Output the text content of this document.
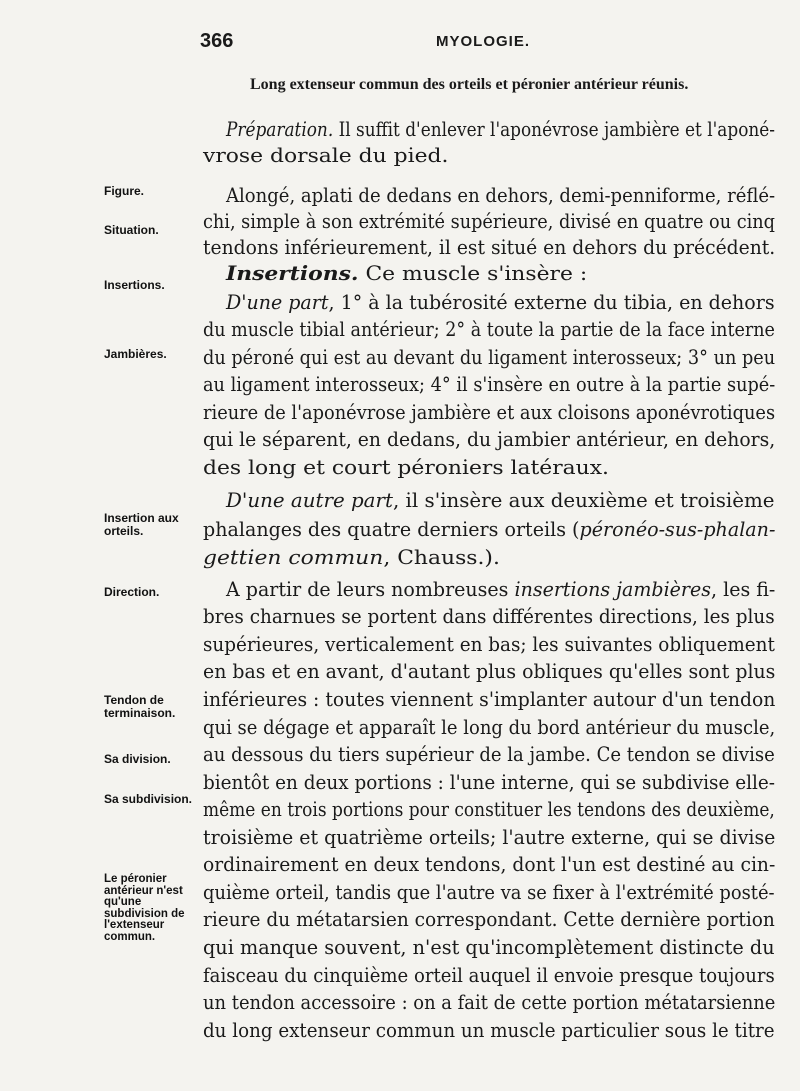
366	MYOLOGIE.
Long extenseur commun des orteils et péronier antérieur réunis.
Figure.
Situation.
Insertions.
Jambières.
Insertion aux orteils.
Direction.
Tendon de terminaison.
Sa division.
Sa subdivision.
Le péronier antérieur n'est qu'une subdivision de l'extenseur commun.
Préparation. Il suffit d'enlever l'aponévrose jambière et l'aponé-
vrose dorsale du pied.
Alongé, aplati de dedans en dehors, demi-penniforme, réflé-
chi, simple à son extrémité supérieure, divisé en quatre ou cinq
tendons inférieurement, il est situé en dehors du précédent.
Insertions. Ce muscle s'insère :
D'une part, 1° à la tubérosité externe du tibia, en dehors
du muscle tibial antérieur; 2° à toute la partie de la face interne
du péroné qui est au devant du ligament interosseux; 3° un peu
au ligament interosseux; 4° il s'insère en outre à la partie supé-
rieure de l'aponévrose jambière et aux cloisons aponévrotiques
qui le séparent, en dedans, du jambier antérieur, en dehors,
des long et court péroniers latéraux.
D'une autre part, il s'insère aux deuxième et troisième
phalanges des quatre derniers orteils (péronéo-sus-phalan-
gettien commun, Chauss.).
A partir de leurs nombreuses insertions jambières, les fi-
bres charnues se portent dans différentes directions, les plus
supérieures, verticalement en bas; les suivantes obliquement
en bas et en avant, d'autant plus obliques qu'elles sont plus
inférieures : toutes viennent s'implanter autour d'un tendon
qui se dégage et apparaît le long du bord antérieur du muscle,
au dessous du tiers supérieur de la jambe. Ce tendon se divise
bientôt en deux portions : l'une interne, qui se subdivise elle-
même en trois portions pour constituer les tendons des deuxième,
troisième et quatrième orteils; l'autre externe, qui se divise
ordinairement en deux tendons, dont l'un est destiné au cin-
quième orteil, tandis que l'autre va se fixer à l'extrémité posté-
rieure du métatarsien correspondant. Cette dernière portion
qui manque souvent, n'est qu'incomplètement distincte du
faisceau du cinquième orteil auquel il envoie presque toujours
un tendon accessoire : on a fait de cette portion métatarsienne
du long extenseur commun un muscle particulier sous le titre
